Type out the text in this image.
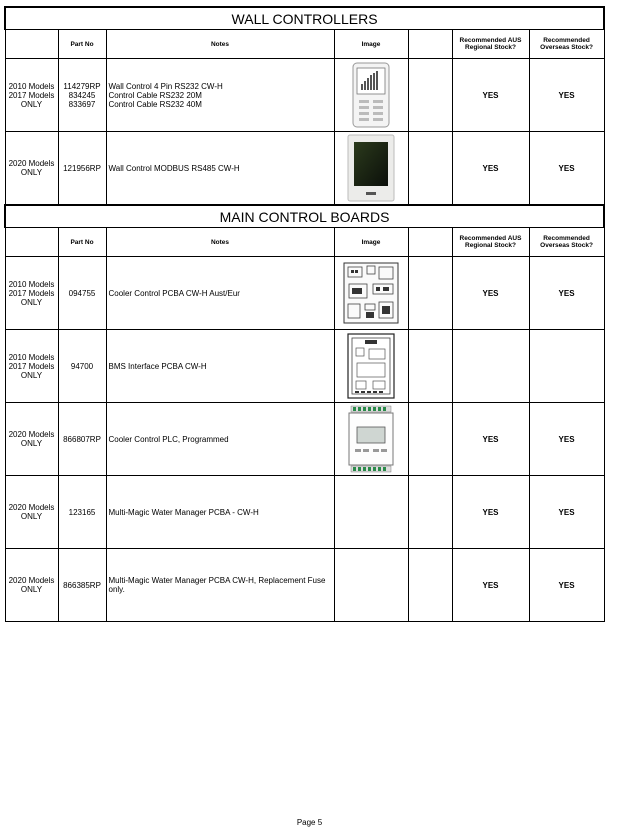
WALL CONTROLLERS						
	Part No	Notes	Image		Recommended AUS
Regional Stock?	Recommended
Overseas Stock?
2010 Models
2017 Models
ONLY	114279RP
834245
833697	Wall Control 4 Pin RS232 CW-H
Control Cable RS232 20M
Control Cable RS232 40M			YES	YES
2020 Models
ONLY	121956RP	Wall Control MODBUS RS485 CW-H			YES	YES
MAIN CONTROL BOARDS						
	Part No	Notes	Image		Recommended AUS
Regional Stock?	Recommended
Overseas Stock?
2010 Models
2017 Models
ONLY	094755	Cooler Control PCBA CW-H Aust/Eur			YES	YES
2010 Models
2017 Models
ONLY	94700	BMS Interface PCBA CW-H	

2020 Models
ONLY	866807RP	Cooler Control PLC, Programmed			YES	YES
2020 Models
ONLY	123165	Multi-Magic Water Manager PCBA - CW-H			YES	YES
2020 Models
ONLY	866385RP	Multi-Magic Water Manager PCBA CW-H, Replacement Fuse
only.			YES	YES
Page 5
